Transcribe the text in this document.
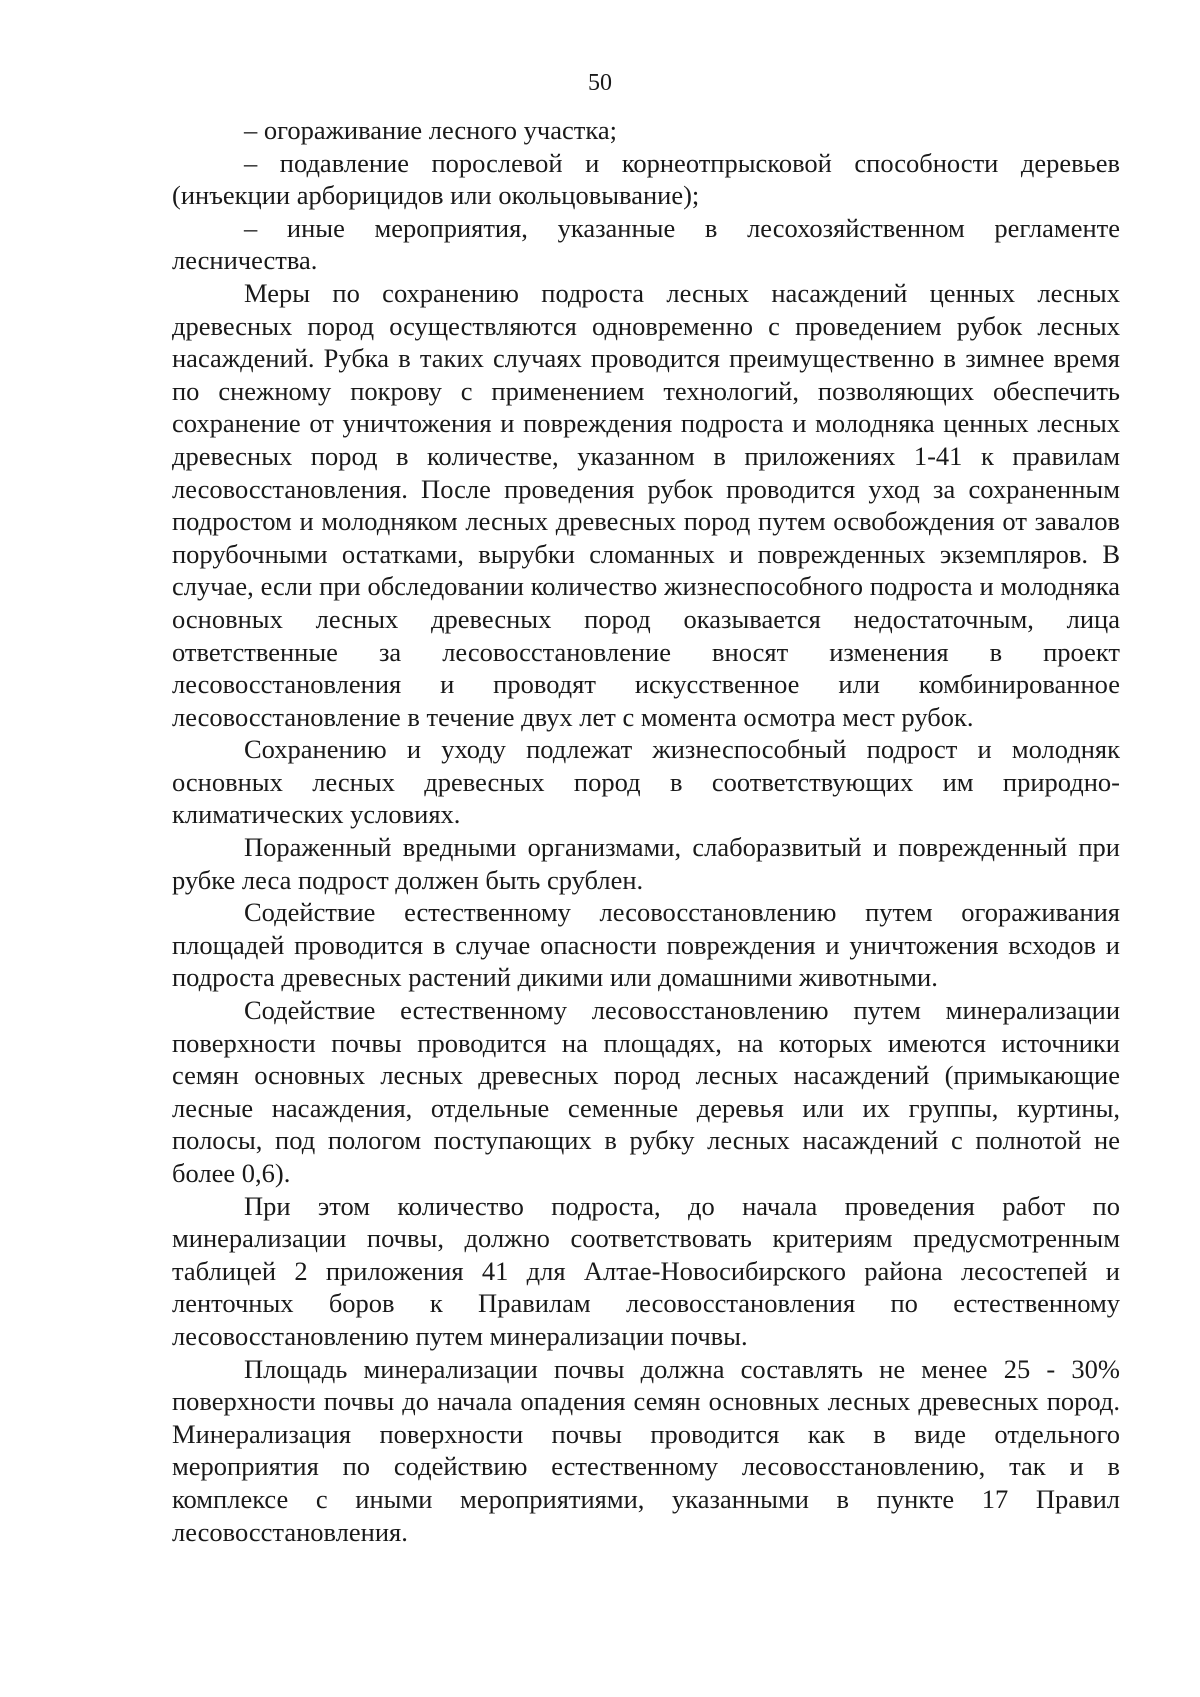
50

– огораживание лесного участка;

– подавление порослевой и корнеотпрысковой способности деревьев (инъекции арборицидов или окольцовывание);

– иные мероприятия, указанные в лесохозяйственном регламенте лесничества.

Меры по сохранению подроста лесных насаждений ценных лесных древесных пород осуществляются одновременно с проведением рубок лесных насаждений. Рубка в таких случаях проводится преимущественно в зимнее время по снежному покрову с применением технологий, позволяющих обеспечить сохранение от уничтожения и повреждения подроста и молодняка ценных лесных древесных пород в количестве, указанном в приложениях 1-41 к правилам лесовосстановления. После проведения рубок проводится уход за сохраненным подростом и молодняком лесных древесных пород путем освобождения от завалов порубочными остатками, вырубки сломанных и поврежденных экземпляров. В случае, если при обследовании количество жизнеспособного подроста и молодняка основных лесных древесных пород оказывается недостаточным, лица ответственные за лесовосстановление вносят изменения в проект лесовосстановления и проводят искусственное или комбинированное лесовосстановление в течение двух лет с момента осмотра мест рубок.

Сохранению и уходу подлежат жизнеспособный подрост и молодняк основных лесных древесных пород в соответствующих им природно-климатических условиях.

Пораженный вредными организмами, слаборазвитый и поврежденный при рубке леса подрост должен быть срублен.

Содействие естественному лесовосстановлению путем огораживания площадей проводится в случае опасности повреждения и уничтожения всходов и подроста древесных растений дикими или домашними животными.

Содействие естественному лесовосстановлению путем минерализации поверхности почвы проводится на площадях, на которых имеются источники семян основных лесных древесных пород лесных насаждений (примыкающие лесные насаждения, отдельные семенные деревья или их группы, куртины, полосы, под пологом поступающих в рубку лесных насаждений с полнотой не более 0,6).

При этом количество подроста, до начала проведения работ по минерализации почвы, должно соответствовать критериям предусмотренным таблицей 2 приложения 41 для Алтае-Новосибирского района лесостепей и ленточных боров к Правилам лесовосстановления по естественному лесовосстановлению путем минерализации почвы.

Площадь минерализации почвы должна составлять не менее 25 - 30% поверхности почвы до начала опадения семян основных лесных древесных пород. Минерализация поверхности почвы проводится как в виде отдельного мероприятия по содействию естественному лесовосстановлению, так и в комплексе с иными мероприятиями, указанными в пункте 17 Правил лесовосстановления.
